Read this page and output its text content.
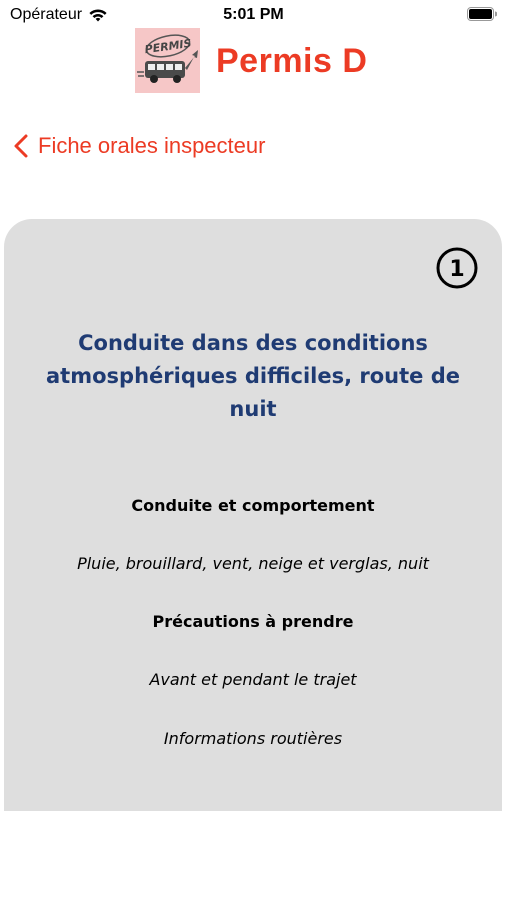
Opérateur	5:01 PM
PERMIS Permis D
Fiche orales inspecteur
1
Conduite dans des conditions atmosphériques difficiles, route de nuit
Conduite et comportement
Pluie, brouillard, vent, neige et verglas, nuit
Précautions à prendre
Avant et pendant le trajet
Informations routières
